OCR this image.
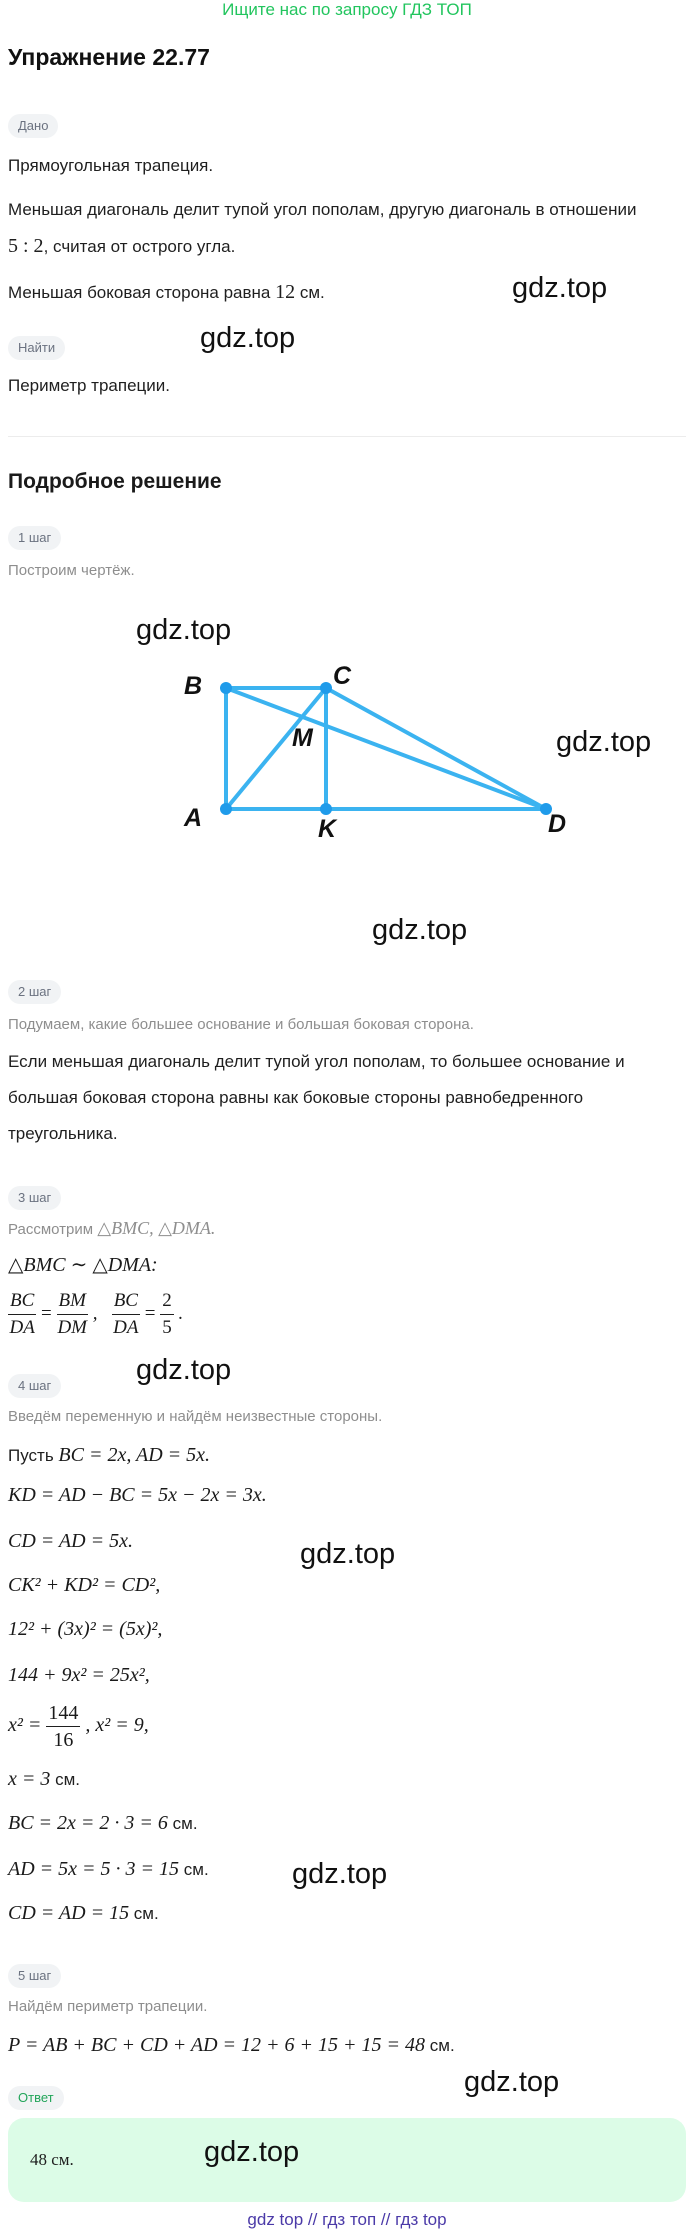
Ищите нас по запросу ГДЗ ТОП
Упражнение 22.77
Дано
Прямоугольная трапеция.
Меньшая диагональ делит тупой угол пополам, другую диагональ в отношении
5 : 2, считая от острого угла.
Меньшая боковая сторона равна 12 см.
Найти
Периметр трапеции.
Подробное решение
1 шаг
Построим чертёж.
B	C
M
A	K	D
2 шаг
Подумаем, какие большее основание и большая боковая сторона.
Если меньшая диагональ делит тупой угол пополам, то большее основание и
большая боковая сторона равны как боковые стороны равнобедренного
треугольника.
3 шаг
Рассмотрим △BMC, △DMA.
△BMC ∼ △DMA:
$\frac{BC}{DA} = \frac{BM}{DM}$ , $\frac{BC}{DA} = \frac{2}{5}$ .
4 шаг
Введём переменную и найдём неизвестные стороны.
Пусть BC = 2x, AD = 5x.
KD = AD − BC = 5x − 2x = 3x.
CD = AD = 5x.
CK² + KD² = CD²,
12² + (3x)² = (5x)²,
144 + 9x² = 25x²,
$x^2 = \frac{144}{16}$ , x² = 9,
x = 3 см.
BC = 2x = 2 · 3 = 6 см.
AD = 5x = 5 · 3 = 15 см.
CD = AD = 15 см.
5 шаг
Найдём периметр трапеции.
P = AB + BC + CD + AD = 12 + 6 + 15 + 15 = 48 см.
Ответ
48 см.
gdz.top
gdz.top
gdz.top
gdz.top
gdz.top
gdz.top
gdz.top
gdz.top
gdz.top
gdz.top
gdz top // гдз топ // гдз top
